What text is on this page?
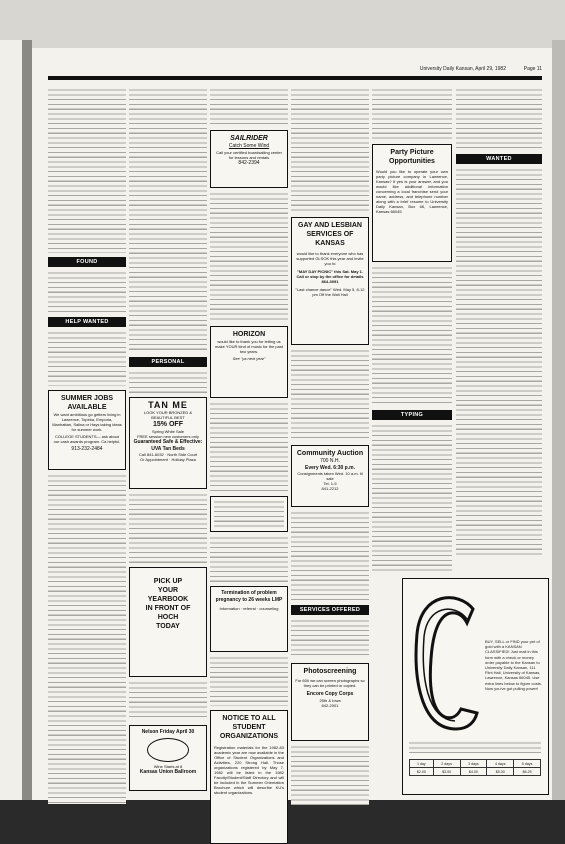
University Daily Kansan, April 29, 1982	Page 11
FOUND
HELP WANTED
SUMMER JOBS AVAILABLE
We want ambitious go getters living in Lawrence, Topeka, Emporia, Manhattan, Salina or Hays taking ideas for summer work.
COLLEGE STUDENTS— ask about our cash awards program. Ca helpful.
913-232-2484
PERSONAL
TAN ME
LOOK YOUR BRONZED & BEAUTIFUL BEST
15% OFF
Spring White Sale
FREE session new customers only
Guaranteed Safe & Effective: UVA Tan Beds
Call 841-6032 · North Side Court
Or Appointment · Holiday Plaza
PICK UP
YOUR
YEARBOOK
IN FRONT OF
HOCH
TODAY
Nelson Friday April 30
Wine Starts at 8
Kansas Union Ballroom
SAILRIDER
Catch Some Wind
Call your certified boardsailing center for lessons and rentals
842-2394
HORIZON
would like to thank you for letting us make YOUR kind of music for the past two years.
See "ya next year"
Termination of problem pregnancy to 26 weeks LMP
Information · referral · counseling
NOTICE TO ALL STUDENT ORGANIZATIONS
Registration materials for the 1982-83 academic year are now available in the Office of Student Organizations and Activities, 220 Strong Hall. Those organizations registered by May 7, 1982 will be listed in the 1982 Faculty/Student/Staff Directory and will be included in the Summer Orientation Brochure which will describe KU's student organizations.
GAY AND LESBIAN SERVICES OF KANSAS
would like to thank everyone who has supported GLSOK this year and invite you to
"MAY DAY PICNIC" this Sat. May 1. Call or stop by the office for details 864-3091
"Last chance dance" Wed. May 5, 8-12 pm Off the Wall Hall
Community Auction
700 N.H.
Every Wed. 6:30 p.m.
Consignments taken Wed. 10 a.m. til sale
Tel. 1-5
841-2212
SERVICES OFFERED
Photoscreening
For 60¢ we can screen photographs so they can be printed or copied.
Encore Copy Corps
25th & Iowa
842-2001
Party Picture Opportunities
Would you like to operate your own party picture company in Lawrence, Kansas? If yes is your answer, and you would like additional information concerning a local franchise send your name, address, and telephone number along with a brief resume to University Daily Kansan, Box 66, Lawrence, Kansas 66045
TYPING
WANTED
BUY, SELL or FIND your pet of gold with a KANSAN CLASSIFIED! Just mail in this form with a check or money order payable to the Kansan to University Daily Kansan, 111 Flint Hall, University of Kansas, Lawrence, Kansas 66045. Use extra lines below to figure costs. Now you've got pulling power!
1 day	2 days	3 days	4 days	5 days
$2.00	$3.00	$4.00	$5.00	$6.25
